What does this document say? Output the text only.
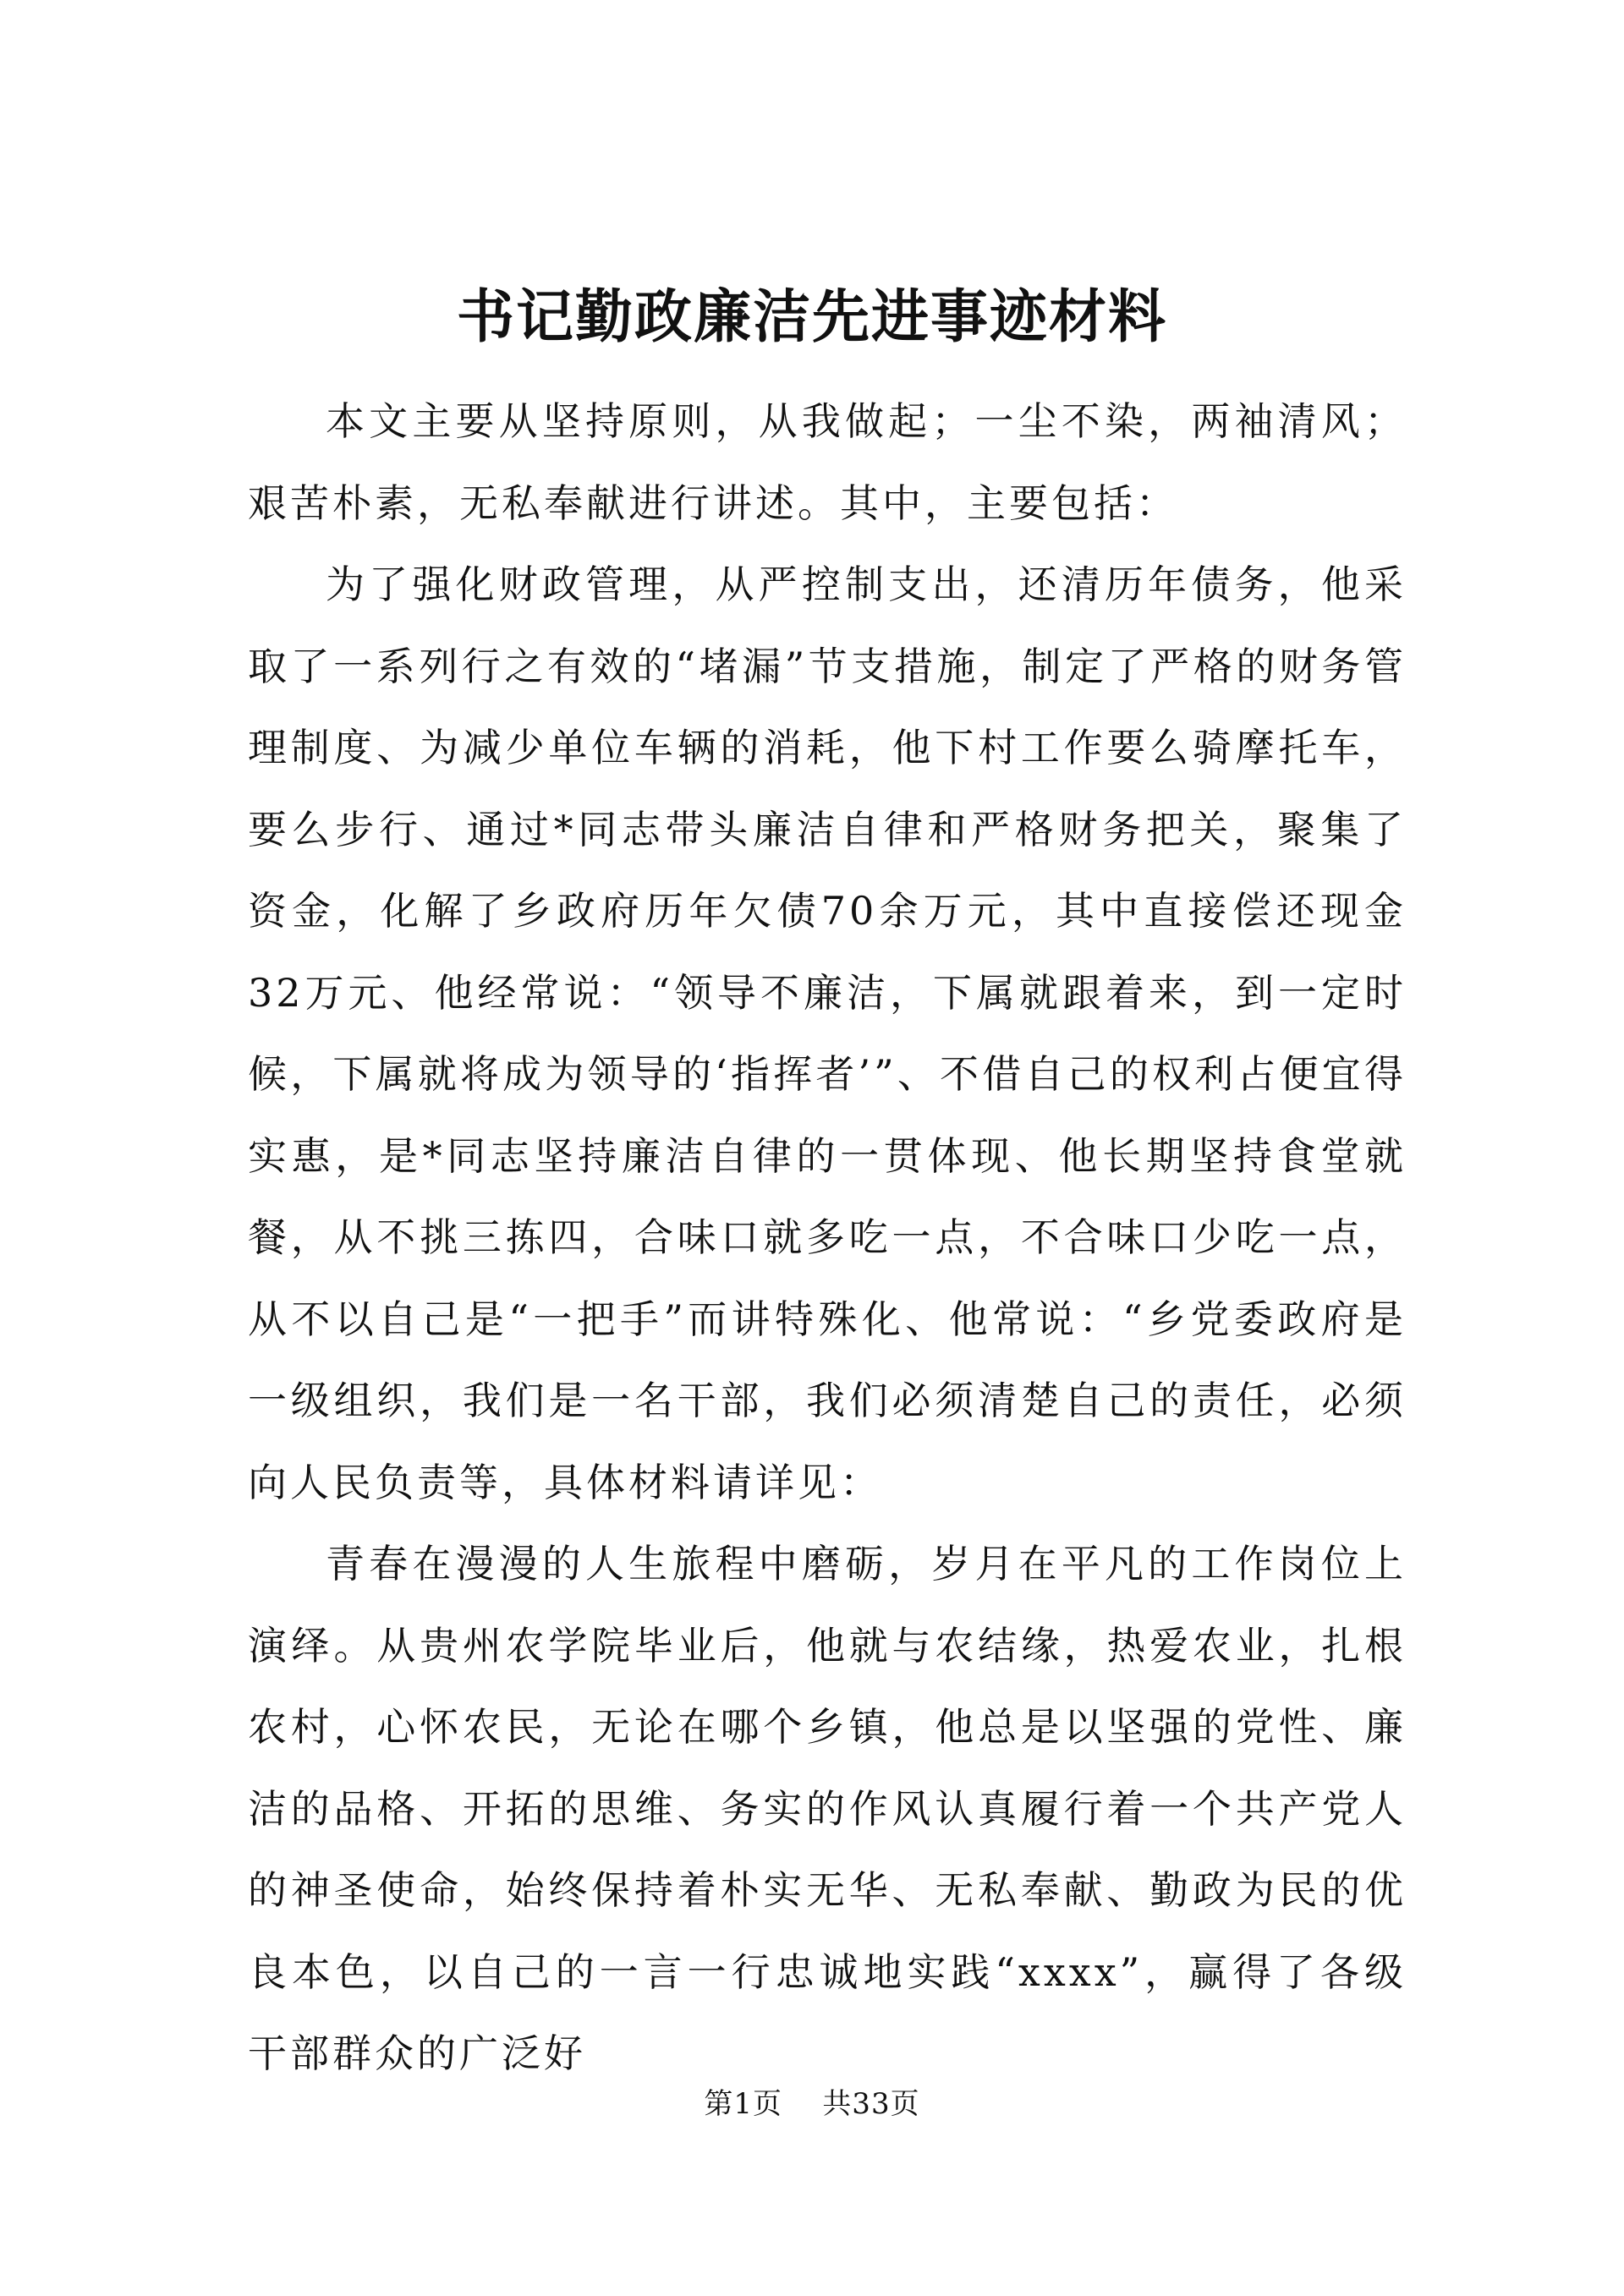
书记勤政廉洁先进事迹材料

本文主要从坚持原则，从我做起；一尘不染，两袖清风；艰苦朴素，无私奉献进行讲述。其中，主要包括：

为了强化财政管理，从严控制支出，还清历年债务，他采取了一系列行之有效的“堵漏”节支措施，制定了严格的财务管理制度、为减少单位车辆的消耗，他下村工作要么骑摩托车，要么步行、通过*同志带头廉洁自律和严格财务把关，聚集了资金，化解了乡政府历年欠债70余万元，其中直接偿还现金32万元、他经常说：“领导不廉洁，下属就跟着来，到一定时候，下属就将成为领导的‘指挥者’”、不借自己的权利占便宜得实惠，是*同志坚持廉洁自律的一贯体现、他长期坚持食堂就餐，从不挑三拣四，合味口就多吃一点，不合味口少吃一点，从不以自己是“一把手”而讲特殊化、他常说：“乡党委政府是一级组织，我们是一名干部，我们必须清楚自己的责任，必须向人民负责等，具体材料请详见：

青春在漫漫的人生旅程中磨砺，岁月在平凡的工作岗位上演绎。从贵州农学院毕业后，他就与农结缘，热爱农业，扎根农村，心怀农民，无论在哪个乡镇，他总是以坚强的党性、廉洁的品格、开拓的思维、务实的作风认真履行着一个共产党人的神圣使命，始终保持着朴实无华、无私奉献、勤政为民的优良本色，以自己的一言一行忠诚地实践“xxxx”，赢得了各级干部群众的广泛好

第1页 共33页
